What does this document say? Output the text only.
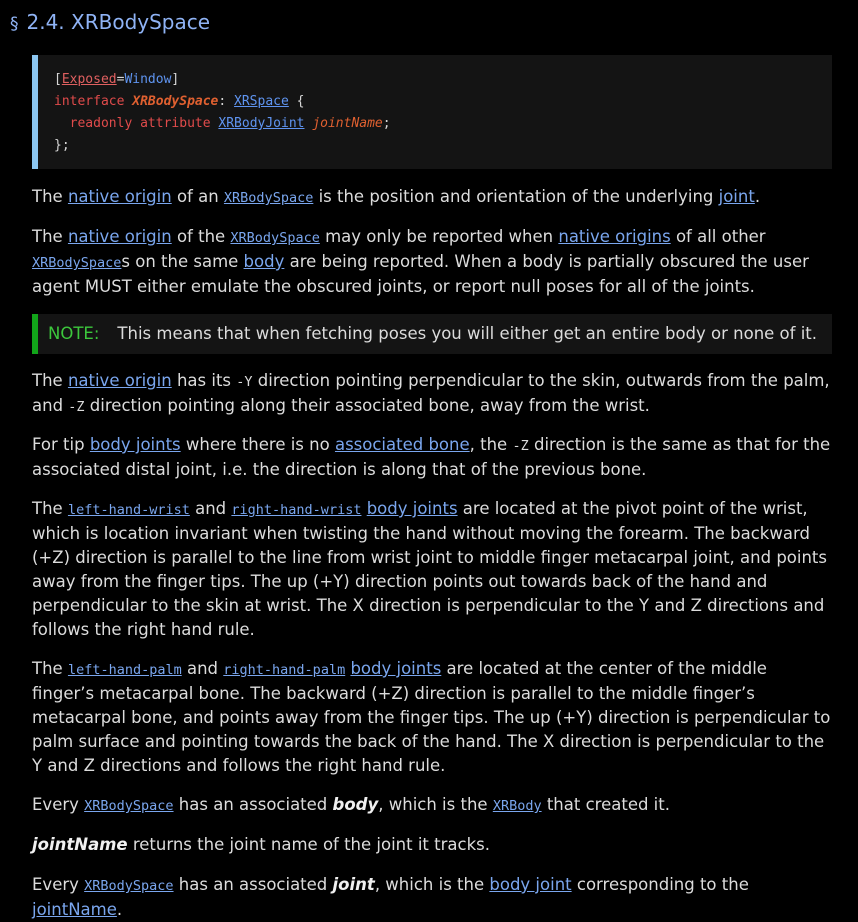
§ 2.4. XRBodySpace
[Exposed=Window]
interface XRBodySpace: XRSpace {
readonly attribute XRBodyJoint jointName;
};
The native origin of an XRBodySpace is the position and orientation of the underlying joint.
The native origin of the XRBodySpace may only be reported when native origins of all other XRBodySpaces on the same body are being reported. When a body is partially obscured the user agent MUST either emulate the obscured joints, or report null poses for all of the joints.
NOTE: This means that when fetching poses you will either get an entire body or none of it.
The native origin has its -Y direction pointing perpendicular to the skin, outwards from the palm, and -Z direction pointing along their associated bone, away from the wrist.
For tip body joints where there is no associated bone, the -Z direction is the same as that for the associated distal joint, i.e. the direction is along that of the previous bone.
The left-hand-wrist and right-hand-wrist body joints are located at the pivot point of the wrist, which is location invariant when twisting the hand without moving the forearm. The backward (+Z) direction is parallel to the line from wrist joint to middle finger metacarpal joint, and points away from the finger tips. The up (+Y) direction points out towards back of the hand and perpendicular to the skin at wrist. The X direction is perpendicular to the Y and Z directions and follows the right hand rule.
The left-hand-palm and right-hand-palm body joints are located at the center of the middle finger’s metacarpal bone. The backward (+Z) direction is parallel to the middle finger’s metacarpal bone, and points away from the finger tips. The up (+Y) direction is perpendicular to palm surface and pointing towards the back of the hand. The X direction is perpendicular to the Y and Z directions and follows the right hand rule.
Every XRBodySpace has an associated body, which is the XRBody that created it.
jointName returns the joint name of the joint it tracks.
Every XRBodySpace has an associated joint, which is the body joint corresponding to the jointName.
